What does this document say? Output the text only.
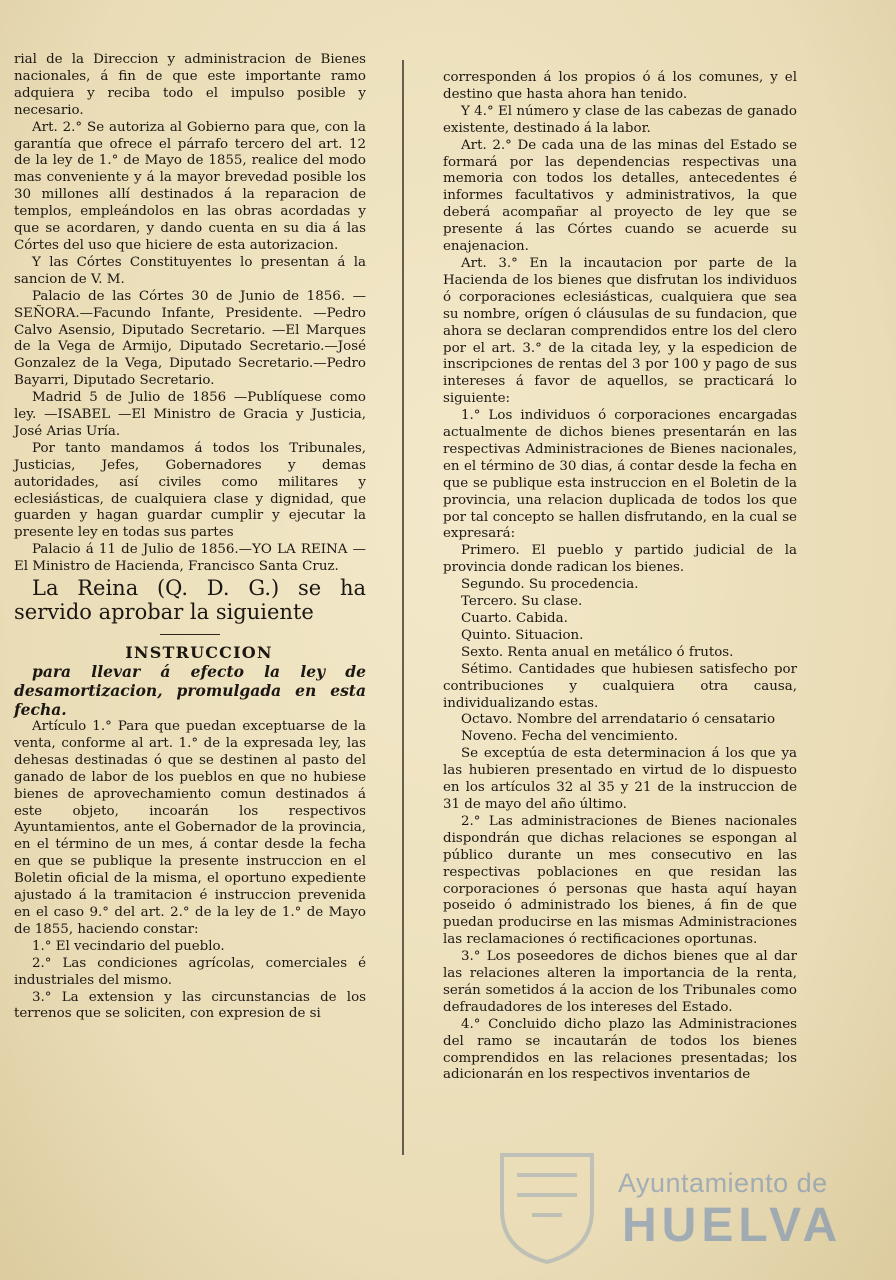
rial de la Direccion y administracion de Bienes nacionales, á fin de que este importante ramo adquiera y reciba todo el impulso posible y necesario.

Art. 2.° Se autoriza al Gobierno para que, con la garantía que ofrece el párrafo tercero del art. 12 de la ley de 1.° de Mayo de 1855, realice del modo mas conveniente y á la mayor brevedad posible los 30 millones allí destinados á la reparacion de templos, empleándolos en las obras acordadas y que se acordaren, y dando cuenta en su dia á las Córtes del uso que hiciere de esta autorizacion.

Y las Córtes Constituyentes lo presentan á la sancion de V. M.

Palacio de las Córtes 30 de Junio de 1856. —SEÑORA.—Facundo Infante, Presidente. —Pedro Calvo Asensio, Diputado Secretario. —El Marques de la Vega de Armijo, Diputado Secretario.—José Gonzalez de la Vega, Diputado Secretario.—Pedro Bayarri, Diputado Secretario.

Madrid 5 de Julio de 1856 —Publíquese como ley. —ISABEL —El Ministro de Gracia y Justicia, José Arias Uría.

Por tanto mandamos á todos los Tribunales, Justicias, Jefes, Gobernadores y demas autoridades, así civiles como militares y eclesiásticas, de cualquiera clase y dignidad, que guarden y hagan guardar cumplir y ejecutar la presente ley en todas sus partes

Palacio á 11 de Julio de 1856.—YO LA REINA —El Ministro de Hacienda, Francisco Santa Cruz.

La Reina (Q. D. G.) se ha servido aprobar la siguiente

INSTRUCCION

para llevar á efecto la ley de desamortizacion, promulgada en esta fecha.

Artículo 1.° Para que puedan exceptuarse de la venta, conforme al art. 1.° de la expresada ley, las dehesas destinadas ó que se destinen al pasto del ganado de labor de los pueblos en que no hubiese bienes de aprovechamiento comun destinados á este objeto, incoarán los respectivos Ayuntamientos, ante el Gobernador de la provincia, en el término de un mes, á contar desde la fecha en que se publique la presente instruccion en el Boletin oficial de la misma, el oportuno expediente ajustado á la tramitacion é instruccion prevenida en el caso 9.° del art. 2.° de la ley de 1.° de Mayo de 1855, haciendo constar:

1.° El vecindario del pueblo.

2.° Las condiciones agrícolas, comerciales é industriales del mismo.

3.° La extension y las circunstancias de los terrenos que se soliciten, con expresion de si

corresponden á los propios ó á los comunes, y el destino que hasta ahora han tenido.

Y 4.° El número y clase de las cabezas de ganado existente, destinado á la labor.

Art. 2.° De cada una de las minas del Estado se formará por las dependencias respectivas una memoria con todos los detalles, antecedentes é informes facultativos y administrativos, la que deberá acompañar al proyecto de ley que se presente á las Córtes cuando se acuerde su enajenacion.

Art. 3.° En la incautacion por parte de la Hacienda de los bienes que disfrutan los individuos ó corporaciones eclesiásticas, cualquiera que sea su nombre, orígen ó cláusulas de su fundacion, que ahora se declaran comprendidos entre los del clero por el art. 3.° de la citada ley, y la espedicion de inscripciones de rentas del 3 por 100 y pago de sus intereses á favor de aquellos, se practicará lo siguiente:

1.° Los individuos ó corporaciones encargadas actualmente de dichos bienes presentarán en las respectivas Administraciones de Bienes nacionales, en el término de 30 dias, á contar desde la fecha en que se publique esta instruccion en el Boletin de la provincia, una relacion duplicada de todos los que por tal concepto se hallen disfrutando, en la cual se expresará:

Primero. El pueblo y partido judicial de la provincia donde radican los bienes.

Segundo. Su procedencia.

Tercero. Su clase.

Cuarto. Cabida.

Quinto. Situacion.

Sexto. Renta anual en metálico ó frutos.

Sétimo. Cantidades que hubiesen satisfecho por contribuciones y cualquiera otra causa, individualizando estas.

Octavo. Nombre del arrendatario ó censatario

Noveno. Fecha del vencimiento.

Se exceptúa de esta determinacion á los que ya las hubieren presentado en virtud de lo dispuesto en los artículos 32 al 35 y 21 de la instruccion de 31 de mayo del año último.

2.° Las administraciones de Bienes nacionales dispondrán que dichas relaciones se espongan al público durante un mes consecutivo en las respectivas poblaciones en que residan las corporaciones ó personas que hasta aquí hayan poseido ó administrado los bienes, á fin de que puedan producirse en las mismas Administraciones las reclamaciones ó rectificaciones oportunas.

3.° Los poseedores de dichos bienes que al dar las relaciones alteren la importancia de la renta, serán sometidos á la accion de los Tribunales como defraudadores de los intereses del Estado.

4.° Concluido dicho plazo las Administraciones del ramo se incautarán de todos los bienes comprendidos en las relaciones presentadas; los adicionarán en los respectivos inventarios de

Ayuntamiento de
HUELVA
